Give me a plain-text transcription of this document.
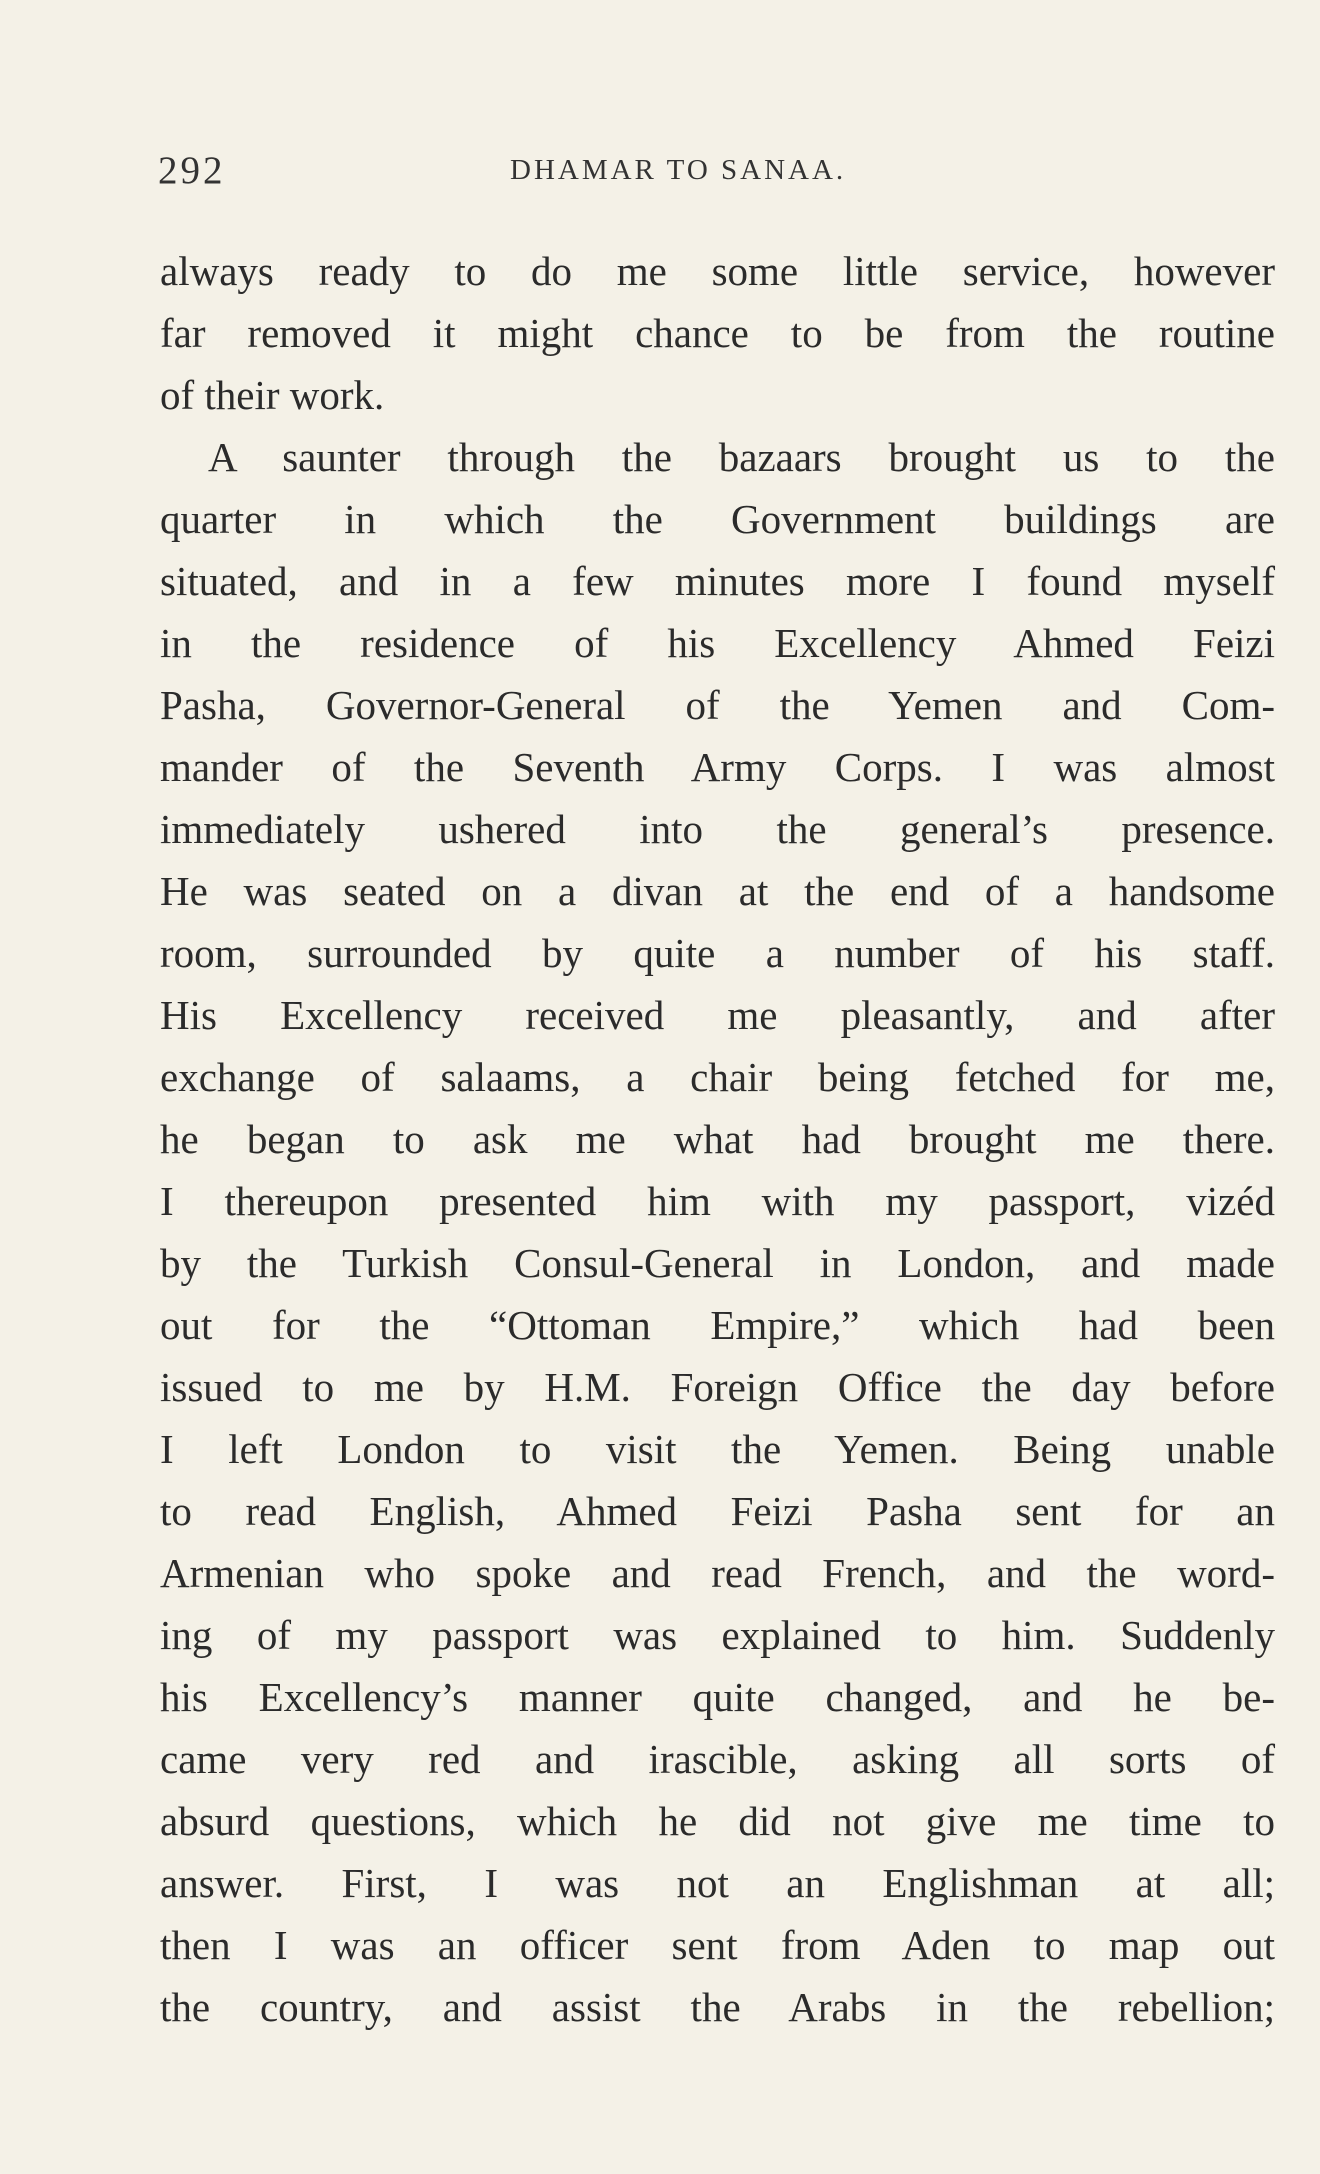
292	DHAMAR TO SANAA.
always ready to do me some little service, however
far removed it might chance to be from the routine
of their work.
A saunter through the bazaars brought us to the
quarter in which the Government buildings are
situated, and in a few minutes more I found myself
in the residence of his Excellency Ahmed Feizi
Pasha, Governor-General of the Yemen and Com-
mander of the Seventh Army Corps. I was almost
immediately ushered into the general’s presence.
He was seated on a divan at the end of a handsome
room, surrounded by quite a number of his staff.
His Excellency received me pleasantly, and after
exchange of salaams, a chair being fetched for me,
he began to ask me what had brought me there.
I thereupon presented him with my passport, vizéd
by the Turkish Consul-General in London, and made
out for the “Ottoman Empire,” which had been
issued to me by H.M. Foreign Office the day before
I left London to visit the Yemen. Being unable
to read English, Ahmed Feizi Pasha sent for an
Armenian who spoke and read French, and the word-
ing of my passport was explained to him. Suddenly
his Excellency’s manner quite changed, and he be-
came very red and irascible, asking all sorts of
absurd questions, which he did not give me time to
answer. First, I was not an Englishman at all;
then I was an officer sent from Aden to map out
the country, and assist the Arabs in the rebellion;
